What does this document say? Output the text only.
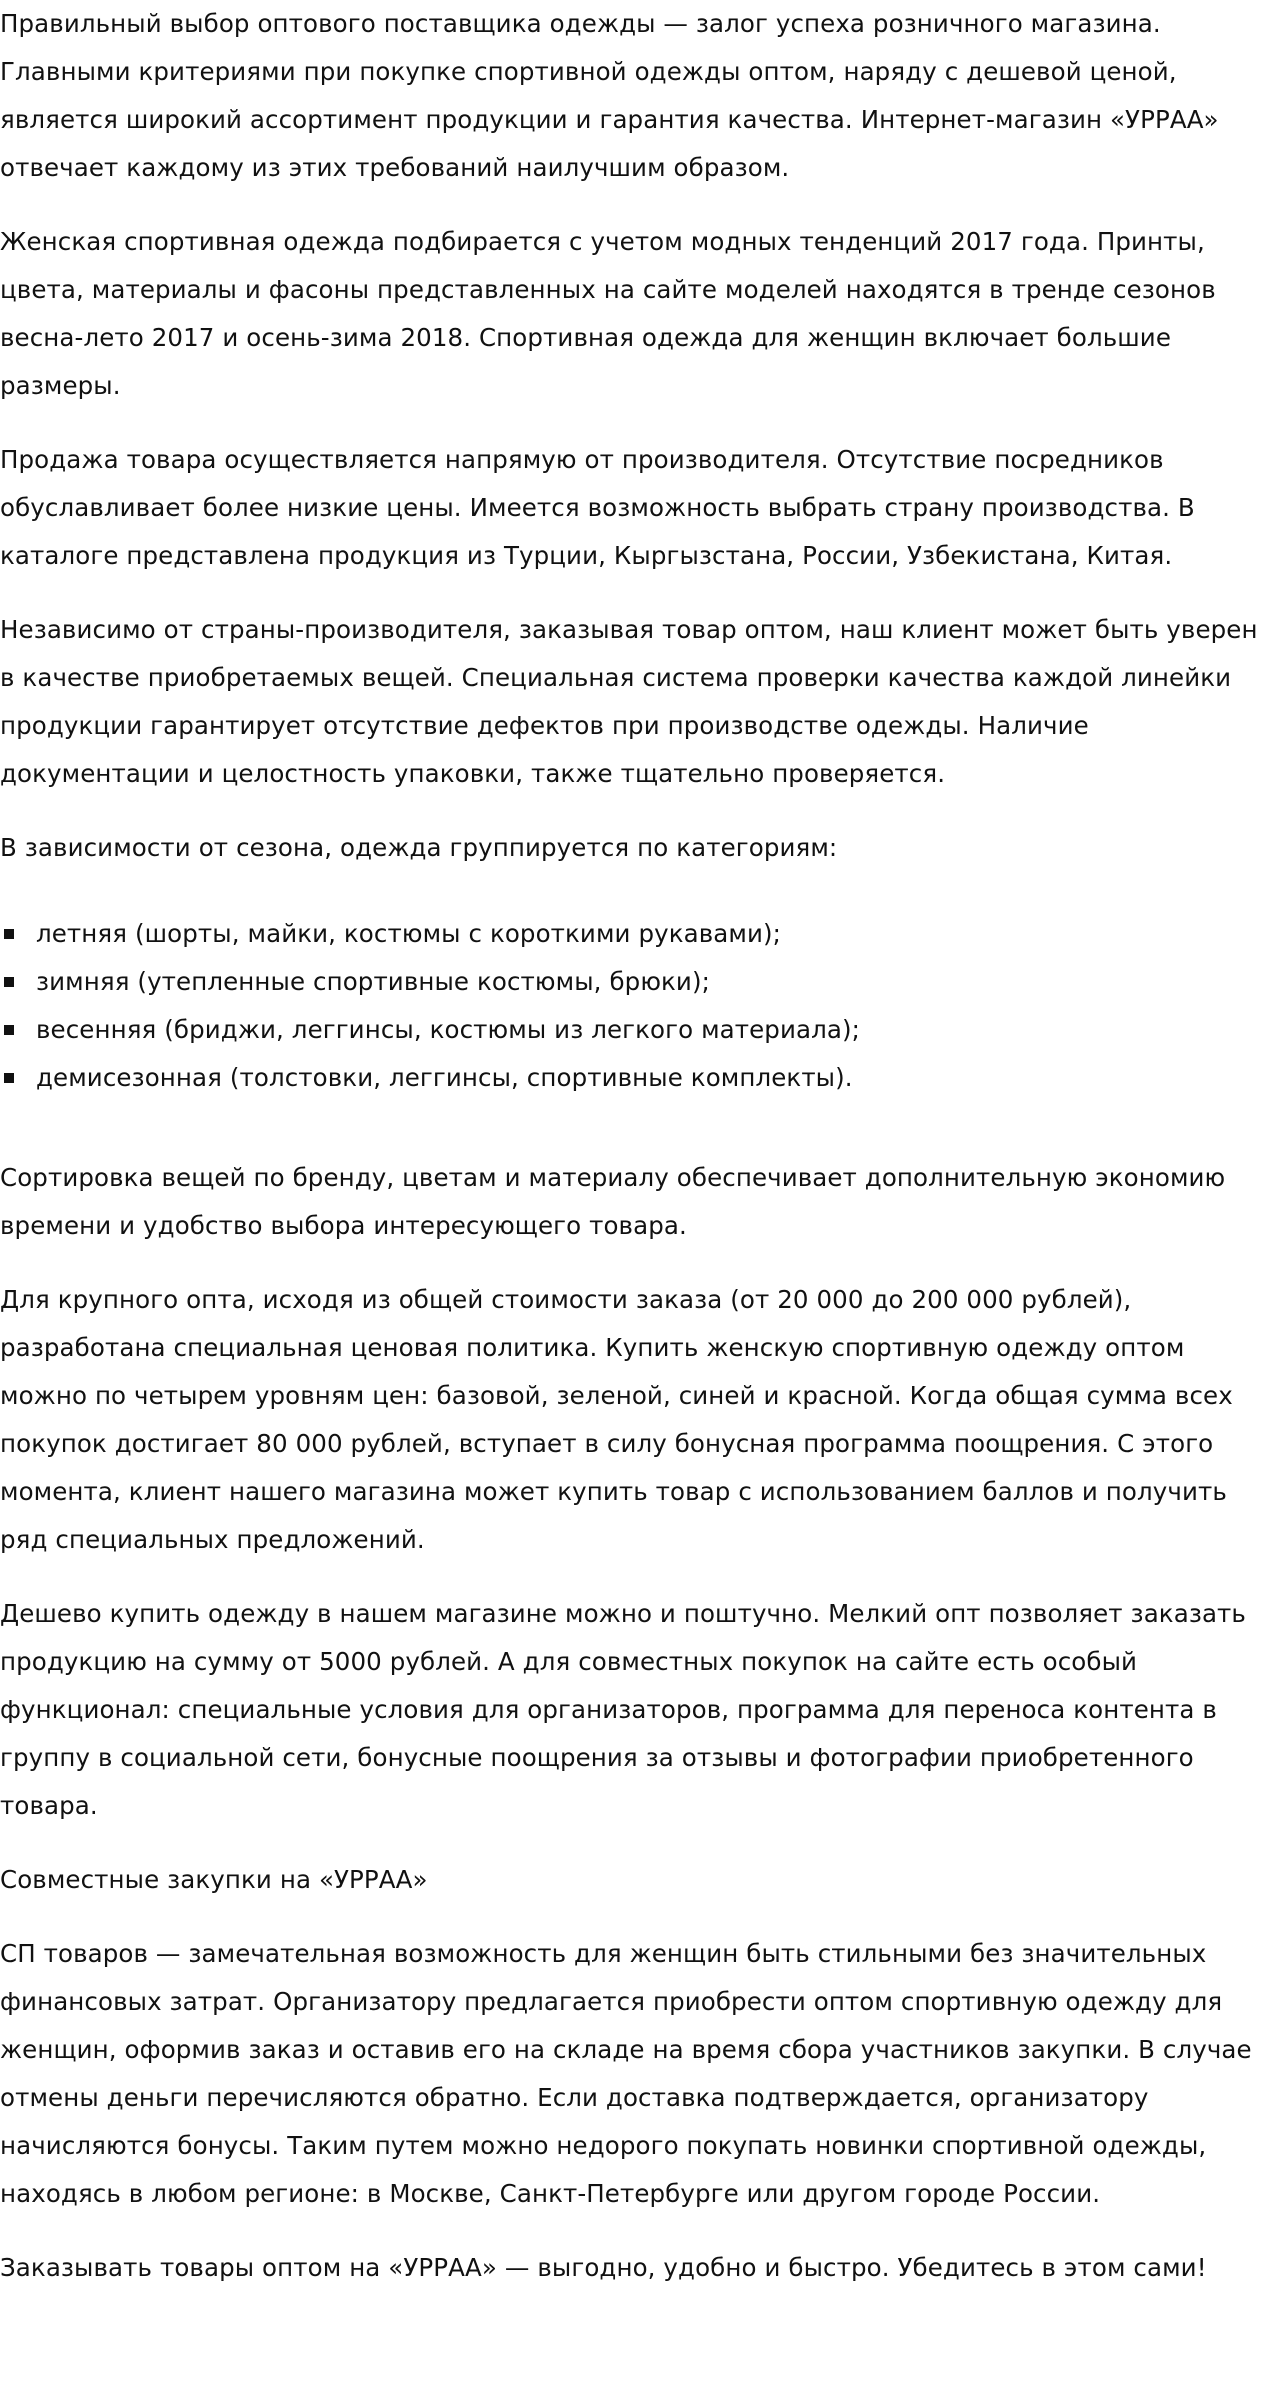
Правильный выбор оптового поставщика одежды — залог успеха розничного магазина. Главными критериями при покупке спортивной одежды оптом, наряду с дешевой ценой, является широкий ассортимент продукции и гарантия качества. Интернет-магазин «УРРАА» отвечает каждому из этих требований наилучшим образом.

Женская спортивная одежда подбирается с учетом модных тенденций 2017 года. Принты, цвета, материалы и фасоны представленных на сайте моделей находятся в тренде сезонов весна-лето 2017 и осень-зима 2018. Спортивная одежда для женщин включает большие размеры.

Продажа товара осуществляется напрямую от производителя. Отсутствие посредников обуславливает более низкие цены. Имеется возможность выбрать страну производства. В каталоге представлена продукция из Турции, Кыргызстана, России, Узбекистана, Китая.

Независимо от страны-производителя, заказывая товар оптом, наш клиент может быть уверен в качестве приобретаемых вещей. Специальная система проверки качества каждой линейки продукции гарантирует отсутствие дефектов при производстве одежды. Наличие документации и целостность упаковки, также тщательно проверяется.

В зависимости от сезона, одежда группируется по категориям:

летняя (шорты, майки, костюмы с короткими рукавами);
зимняя (утепленные спортивные костюмы, брюки);
весенняя (бриджи, леггинсы, костюмы из легкого материала);
демисезонная (толстовки, леггинсы, спортивные комплекты).

Сортировка вещей по бренду, цветам и материалу обеспечивает дополнительную экономию времени и удобство выбора интересующего товара.

Для крупного опта, исходя из общей стоимости заказа (от 20 000 до 200 000 рублей), разработана специальная ценовая политика. Купить женскую спортивную одежду оптом можно по четырем уровням цен: базовой, зеленой, синей и красной. Когда общая сумма всех покупок достигает 80 000 рублей, вступает в силу бонусная программа поощрения. С этого момента, клиент нашего магазина может купить товар с использованием баллов и получить ряд специальных предложений.

Дешево купить одежду в нашем магазине можно и поштучно. Мелкий опт позволяет заказать продукцию на сумму от 5000 рублей. А для совместных покупок на сайте есть особый функционал: специальные условия для организаторов, программа для переноса контента в группу в социальной сети, бонусные поощрения за отзывы и фотографии приобретенного товара.

Совместные закупки на «УРРАА»

СП товаров — замечательная возможность для женщин быть стильными без значительных финансовых затрат. Организатору предлагается приобрести оптом спортивную одежду для женщин, оформив заказ и оставив его на складе на время сбора участников закупки. В случае отмены деньги перечисляются обратно. Если доставка подтверждается, организатору начисляются бонусы. Таким путем можно недорого покупать новинки спортивной одежды, находясь в любом регионе: в Москве, Санкт-Петербурге или другом городе России.

Заказывать товары оптом на «УРРАА» — выгодно, удобно и быстро. Убедитесь в этом сами!
